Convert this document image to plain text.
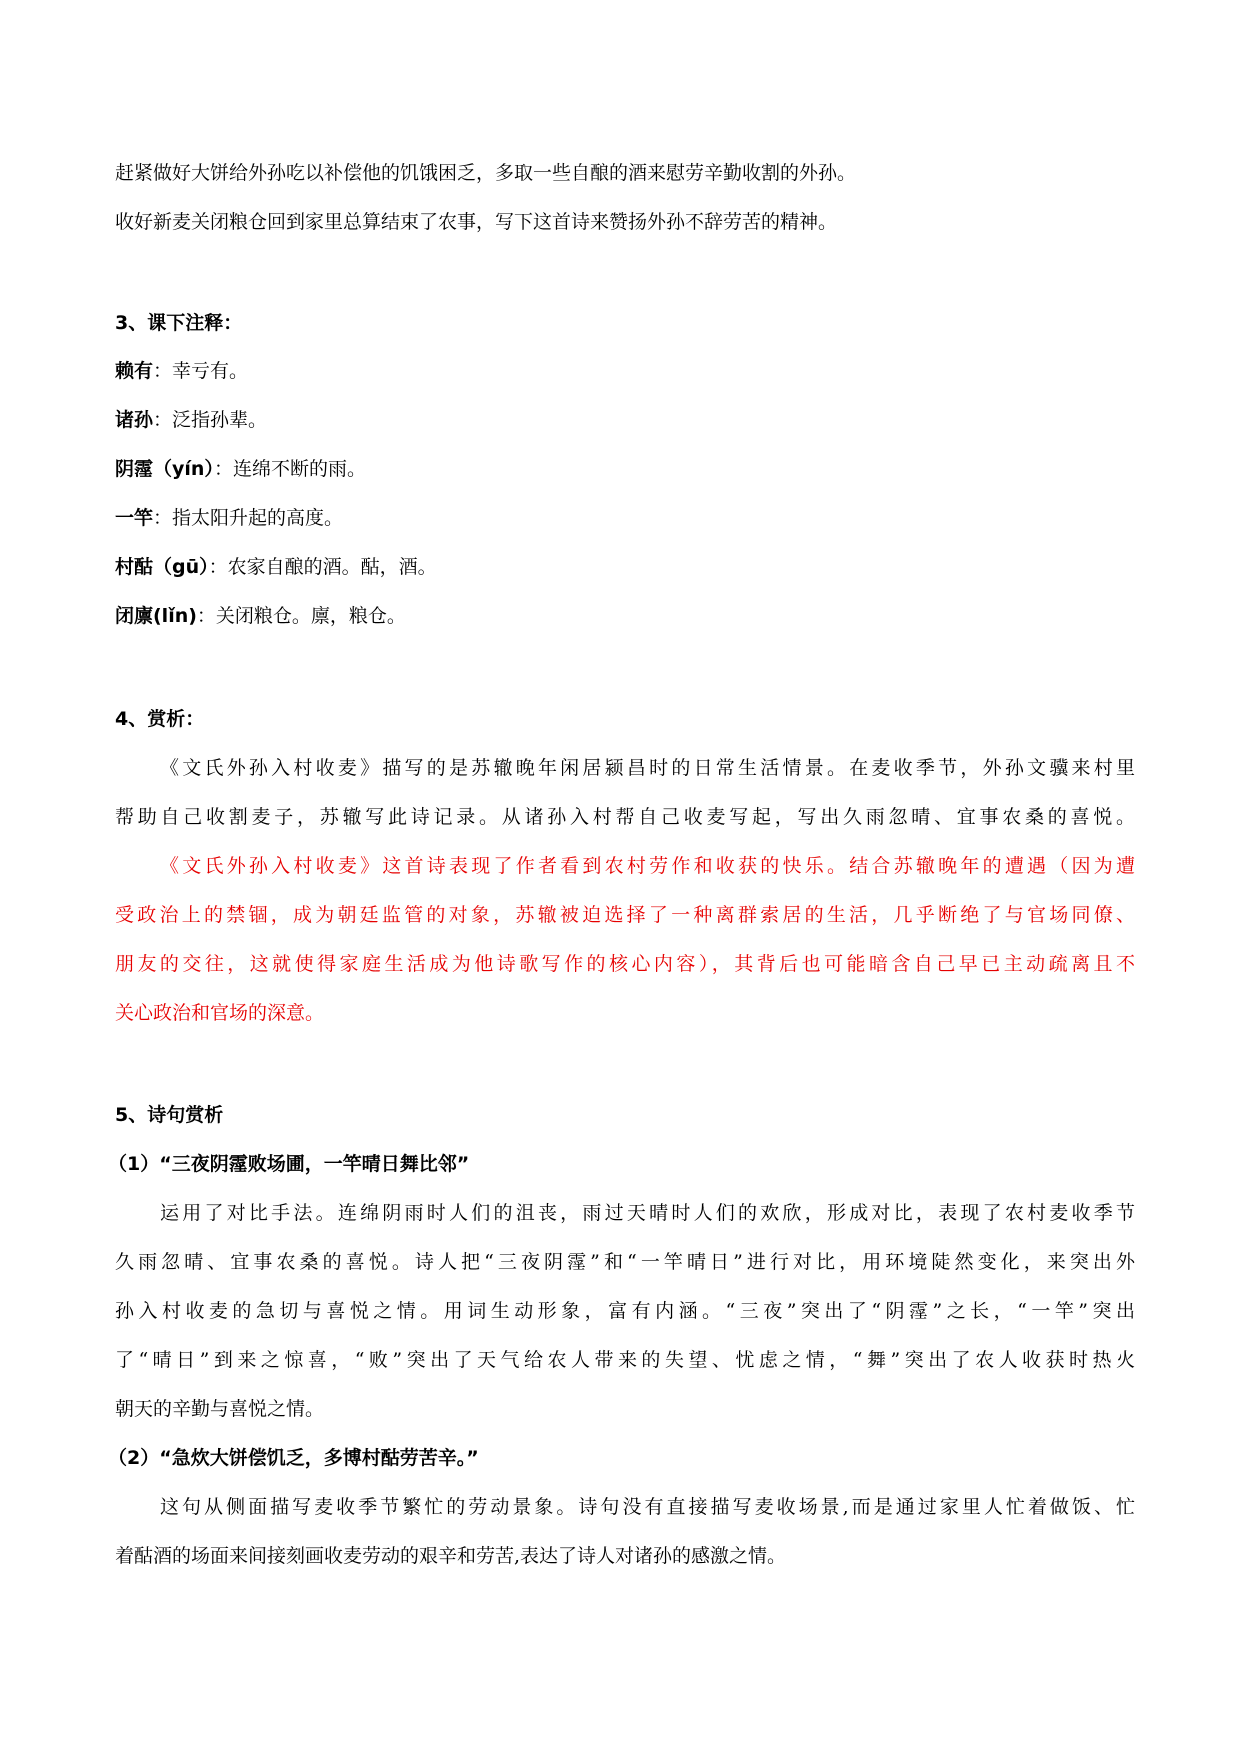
赶紧做好大饼给外孙吃以补偿他的饥饿困乏，多取一些自酿的酒来慰劳辛勤收割的外孙。
收好新麦关闭粮仓回到家里总算结束了农事，写下这首诗来赞扬外孙不辞劳苦的精神。
3、课下注释：
赖有：幸亏有。
诸孙：泛指孙辈。
阴霪（yín）：连绵不断的雨。
一竿：指太阳升起的高度。
村酤（gū）：农家自酿的酒。酤，酒。
闭廪(lǐn)：关闭粮仓。廪，粮仓。
4、赏析：
《文氏外孙入村收麦》描写的是苏辙晚年闲居颍昌时的日常生活情景。在麦收季节，外孙文骥来村里
帮助自己收割麦子，苏辙写此诗记录。从诸孙入村帮自己收麦写起，写出久雨忽晴、宜事农桑的喜悦。
《文氏外孙入村收麦》这首诗表现了作者看到农村劳作和收获的快乐。结合苏辙晚年的遭遇（因为遭
受政治上的禁锢，成为朝廷监管的对象，苏辙被迫选择了一种离群索居的生活，几乎断绝了与官场同僚、
朋友的交往，这就使得家庭生活成为他诗歌写作的核心内容），其背后也可能暗含自己早已主动疏离且不
关心政治和官场的深意。
5、诗句赏析
（1）“三夜阴霪败场圃，一竿晴日舞比邻”
运用了对比手法。连绵阴雨时人们的沮丧，雨过天晴时人们的欢欣，形成对比，表现了农村麦收季节
久雨忽晴、宜事农桑的喜悦。诗人把“三夜阴霪”和“一竿晴日”进行对比，用环境陡然变化，来突出外
孙入村收麦的急切与喜悦之情。用词生动形象，富有内涵。“三夜”突出了“阴霪”之长，“一竿”突出
了“晴日”到来之惊喜，“败”突出了天气给农人带来的失望、忧虑之情，“舞”突出了农人收获时热火
朝天的辛勤与喜悦之情。
（2）“急炊大饼偿饥乏，多博村酤劳苦辛。”
这句从侧面描写麦收季节繁忙的劳动景象。诗句没有直接描写麦收场景,而是通过家里人忙着做饭、忙
着酤酒的场面来间接刻画收麦劳动的艰辛和劳苦,表达了诗人对诸孙的感激之情。
